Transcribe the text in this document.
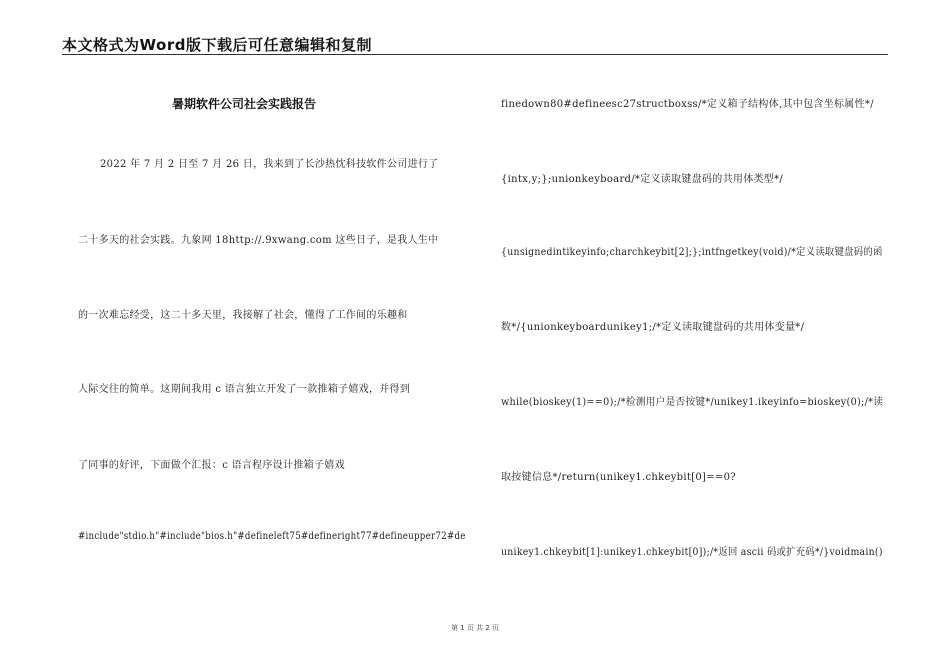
本文格式为Word版下载后可任意编辑和复制
暑期软件公司社会实践报告
2022 年 7 月 2 日至 7 月 26 日，我来到了长沙热忱科技软件公司进行了
二十多天的社会实践。九象网 18http://.9xwang.com 这些日子，是我人生中
的一次难忘经受，这二十多天里，我接解了社会，懂得了工作间的乐趣和
人际交往的简单。这期间我用 c 语言独立开发了一款推箱子嬉戏，并得到
了同事的好评，下面做个汇报：c 语言程序设计推箱子嬉戏
#include"stdio.h"#include"bios.h"#defineleft75#defineright77#defineupper72#de
finedown80#defineesc27structboxss/*定义箱子结构体,其中包含坐标属性*/
{intx,y;};unionkeyboard/*定义读取键盘码的共用体类型*/
{unsignedintikeyinfo;charchkeybit[2];};intfngetkey(void)/*定义读取键盘码的函
数*/{unionkeyboardunikey1;/*定义读取键盘码的共用体变量*/
while(bioskey(1)==0);/*检测用户是否按键*/unikey1.ikeyinfo=bioskey(0);/*读
取按键信息*/return(unikey1.chkeybit[0]==0?
unikey1.chkeybit[1]:unikey1.chkeybit[0]);/*返回 ascii 码或扩充码*/}voidmain()
第 1 页 共 2 页
